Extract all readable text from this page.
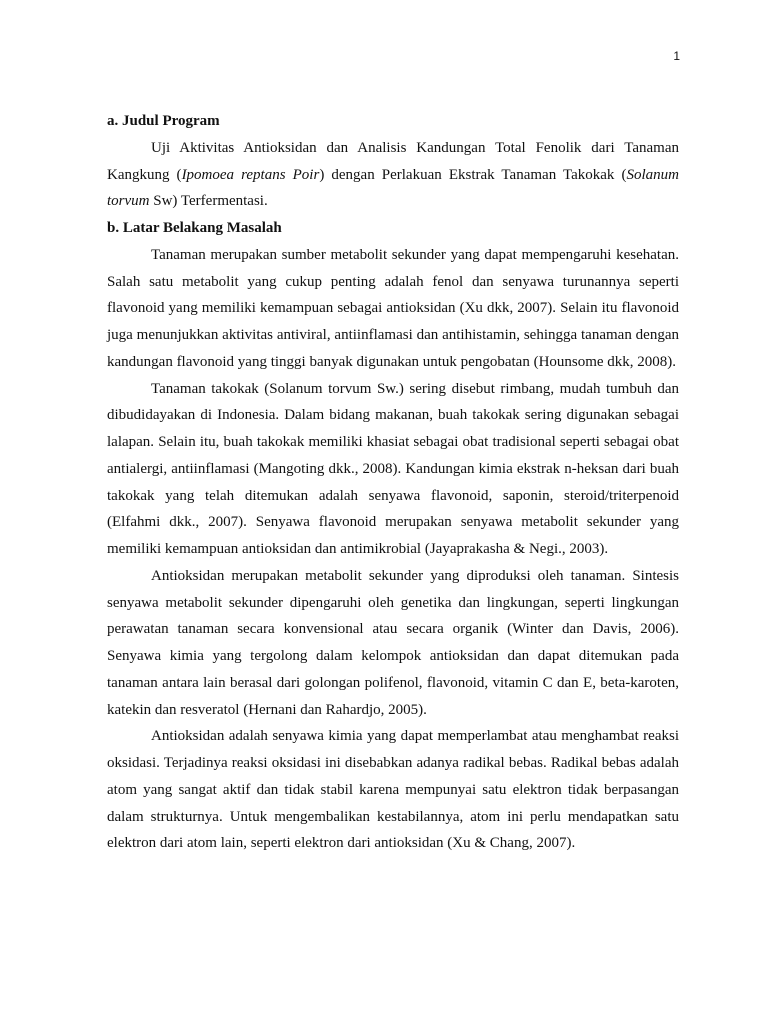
1

a. Judul Program

Uji Aktivitas Antioksidan dan Analisis Kandungan Total Fenolik dari Tanaman Kangkung (Ipomoea reptans Poir) dengan Perlakuan Ekstrak Tanaman Takokak (Solanum torvum Sw) Terfermentasi.

b. Latar Belakang Masalah

Tanaman merupakan sumber metabolit sekunder yang dapat mempengaruhi kesehatan. Salah satu metabolit yang cukup penting adalah fenol dan senyawa turunannya seperti flavonoid yang memiliki kemampuan sebagai antioksidan (Xu dkk, 2007). Selain itu flavonoid juga menunjukkan aktivitas antiviral, antiinflamasi dan antihistamin, sehingga tanaman dengan kandungan flavonoid yang tinggi banyak digunakan untuk pengobatan (Hounsome dkk, 2008).

Tanaman takokak (Solanum torvum Sw.) sering disebut rimbang, mudah tumbuh dan dibudidayakan di Indonesia. Dalam bidang makanan, buah takokak sering digunakan sebagai lalapan. Selain itu, buah takokak memiliki khasiat sebagai obat tradisional seperti sebagai obat antialergi, antiinflamasi (Mangoting dkk., 2008). Kandungan kimia ekstrak n-heksan dari buah takokak yang telah ditemukan adalah senyawa flavonoid, saponin, steroid/triterpenoid (Elfahmi dkk., 2007). Senyawa flavonoid merupakan senyawa metabolit sekunder yang memiliki kemampuan antioksidan dan antimikrobial (Jayaprakasha & Negi., 2003).

Antioksidan merupakan metabolit sekunder yang diproduksi oleh tanaman. Sintesis senyawa metabolit sekunder dipengaruhi oleh genetika dan lingkungan, seperti lingkungan perawatan tanaman secara konvensional atau secara organik (Winter dan Davis, 2006). Senyawa kimia yang tergolong dalam kelompok antioksidan dan dapat ditemukan pada tanaman antara lain berasal dari golongan polifenol, flavonoid, vitamin C dan E, beta-karoten, katekin dan resveratol (Hernani dan Rahardjo, 2005).

Antioksidan adalah senyawa kimia yang dapat memperlambat atau menghambat reaksi oksidasi. Terjadinya reaksi oksidasi ini disebabkan adanya radikal bebas. Radikal bebas adalah atom yang sangat aktif dan tidak stabil karena mempunyai satu elektron tidak berpasangan dalam strukturnya. Untuk mengembalikan kestabilannya, atom ini perlu mendapatkan satu elektron dari atom lain, seperti elektron dari antioksidan (Xu & Chang, 2007).
